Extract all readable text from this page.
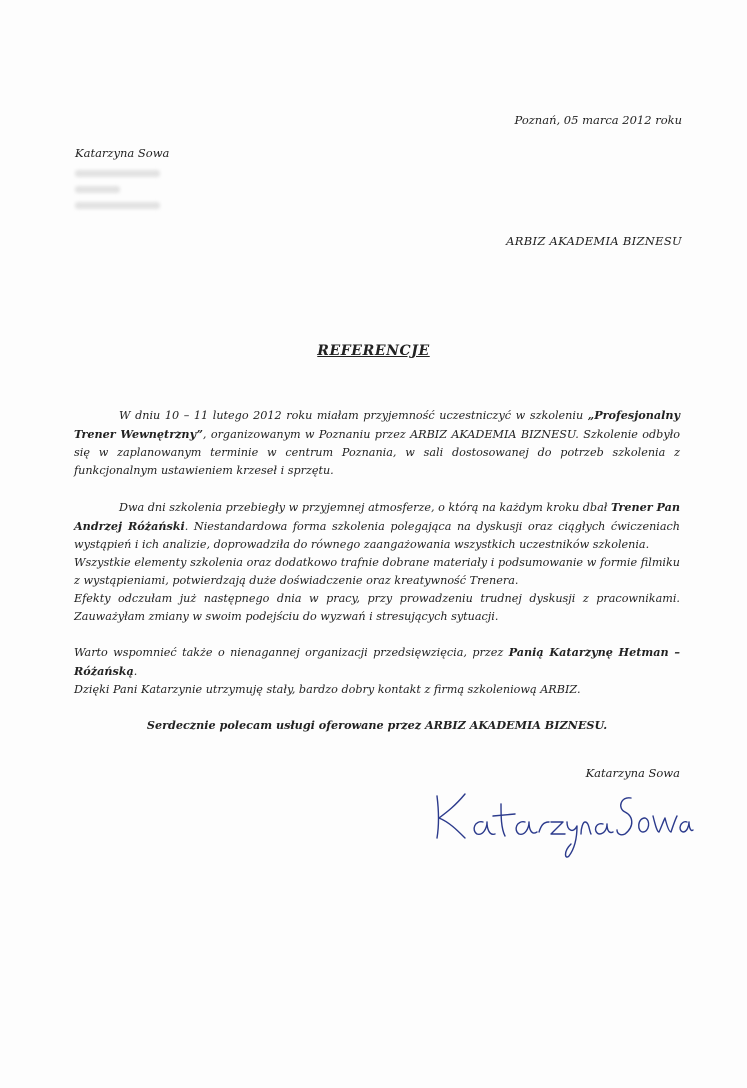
Poznań, 05 marca 2012 roku
Katarzyna Sowa
ARBIZ AKADEMIA BIZNESU
REFERENCJE

W dniu 10 – 11 lutego 2012 roku miałam przyjemność uczestniczyć w szkoleniu „Profesjonalny Trener Wewnętrzny”, organizowanym w Poznaniu przez ARBIZ AKADEMIA BIZNESU. Szkolenie odbyło się w zaplanowanym terminie w centrum Poznania, w sali dostosowanej do potrzeb szkolenia z funkcjonalnym ustawieniem krzeseł i sprzętu.

Dwa dni szkolenia przebiegły w przyjemnej atmosferze, o którą na każdym kroku dbał Trener Pan Andrzej Różański. Niestandardowa forma szkolenia polegająca na dyskusji oraz ciągłych ćwiczeniach wystąpień i ich analizie, doprowadziła do równego zaangażowania wszystkich uczestników szkolenia.

Wszystkie elementy szkolenia oraz dodatkowo trafnie dobrane materiały i podsumowanie w formie filmiku z wystąpieniami, potwierdzają duże doświadczenie oraz kreatywność Trenera.

Efekty odczułam już następnego dnia w pracy, przy prowadzeniu trudnej dyskusji z pracownikami. Zauważyłam zmiany w swoim podejściu do wyzwań i stresujących sytuacji.

Warto wspomnieć także o nienagannej organizacji przedsięwzięcia, przez Panią Katarzynę Hetman – Różańską.

Dzięki Pani Katarzynie utrzymuję stały, bardzo dobry kontakt z firmą szkoleniową ARBIZ.

Serdecznie polecam usługi oferowane przez ARBIZ AKADEMIA BIZNESU.

Katarzyna Sowa
